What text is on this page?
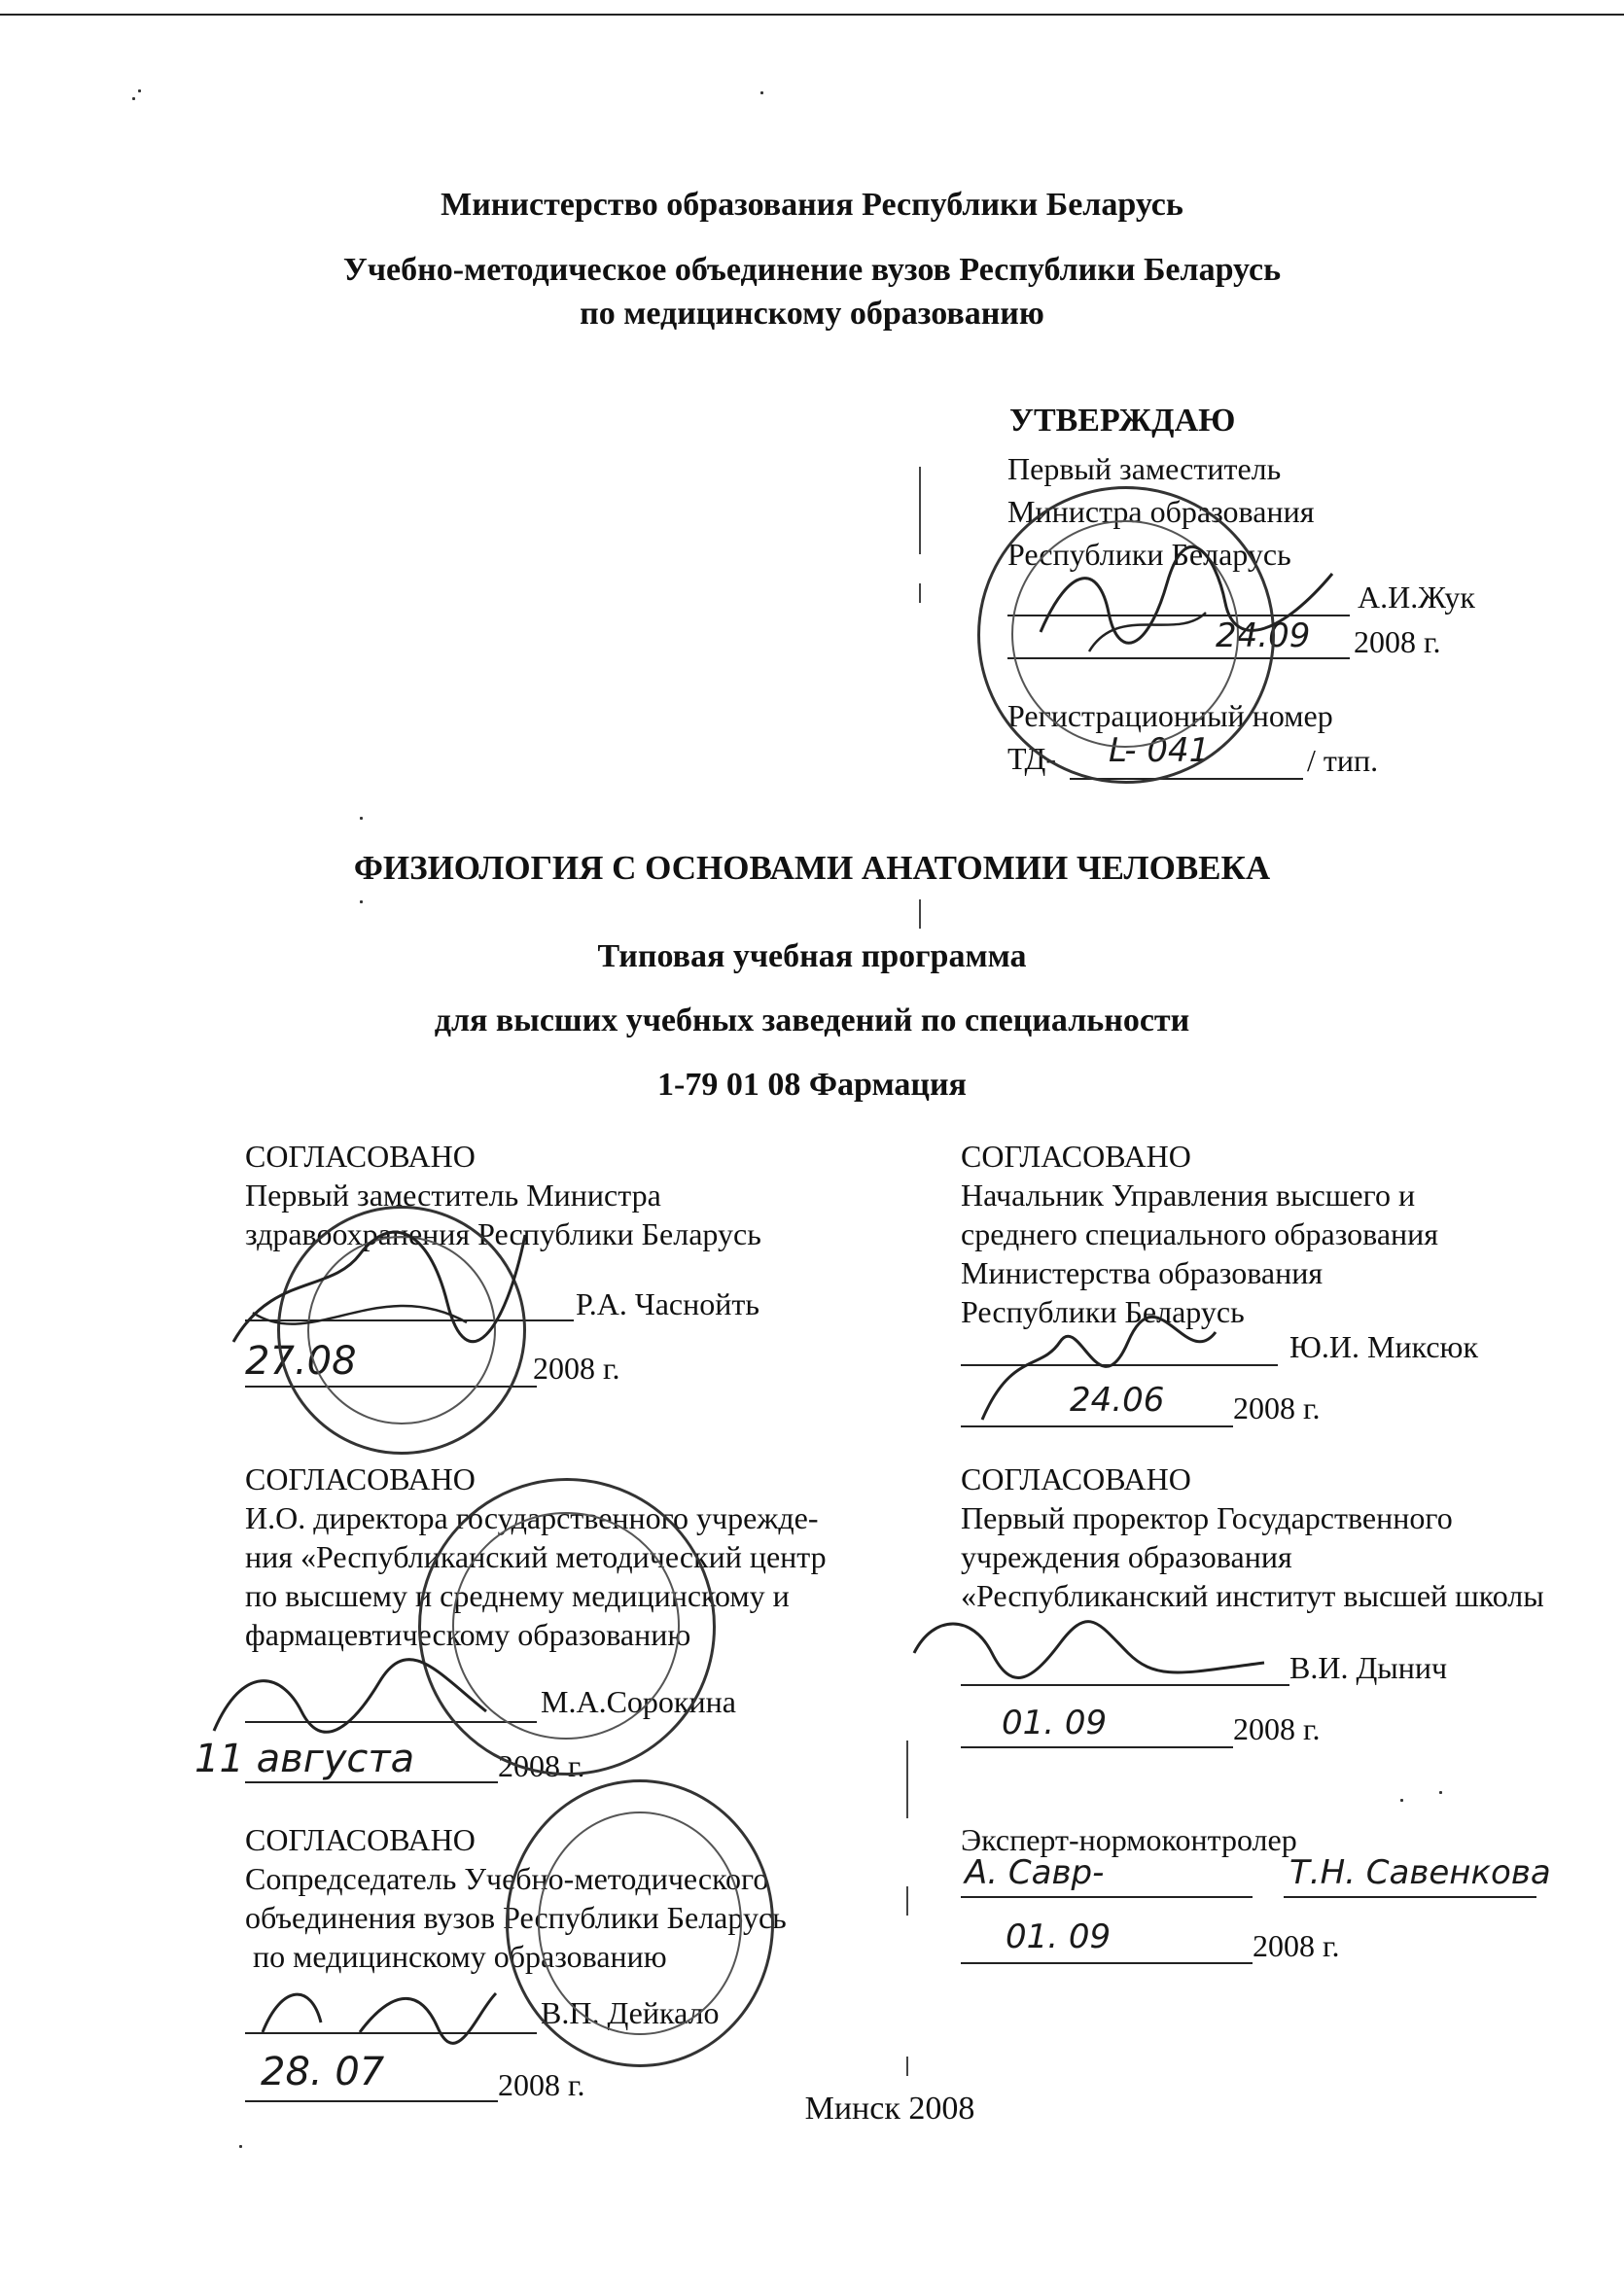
Министерство образования Республики Беларусь
Учебно-методическое объединение вузов Республики Беларусь
по медицинскому образованию
УТВЕРЖДАЮ
Первый заместитель
Министра образования
Республики Беларусь
А.И.Жук
24.09 2008 г.
Регистрационный номер
ТД- L- 041	/ тип.
ФИЗИОЛОГИЯ С ОСНОВАМИ АНАТОМИИ ЧЕЛОВЕКА
Типовая учебная программа
для высших учебных заведений по специальности
1-79 01 08 Фармация
СОГЛАСОВАНО
Первый заместитель Министра
здравоохранения Республики Беларусь
Р.А. Часнойть
27.08	2008 г.
СОГЛАСОВАНО
Начальник Управления высшего и
среднего специального образования
Министерства образования
Республики Беларусь
Ю.И. Миксюк
24.06 2008 г.
СОГЛАСОВАНО
И.О. директора государственного учрежде-
ния «Республиканский методический центр
по высшему и среднему медицинскому и
фармацевтическому образованию
М.А.Сорокина
11 августа	2008 г.
СОГЛАСОВАНО
Первый проректор Государственного
учреждения образования
«Республиканский институт высшей школы
В.И. Дынич
01. 09	2008 г.
СОГЛАСОВАНО
Сопредседатель Учебно-методического
объединения вузов Республики Беларусь
по медицинскому образованию
В.П. Дейкало
28. 07	2008 г.
Эксперт-нормоконтролер
А. Савр-	Т.Н. Савенкова
01. 09	2008 г.
Минск 2008
